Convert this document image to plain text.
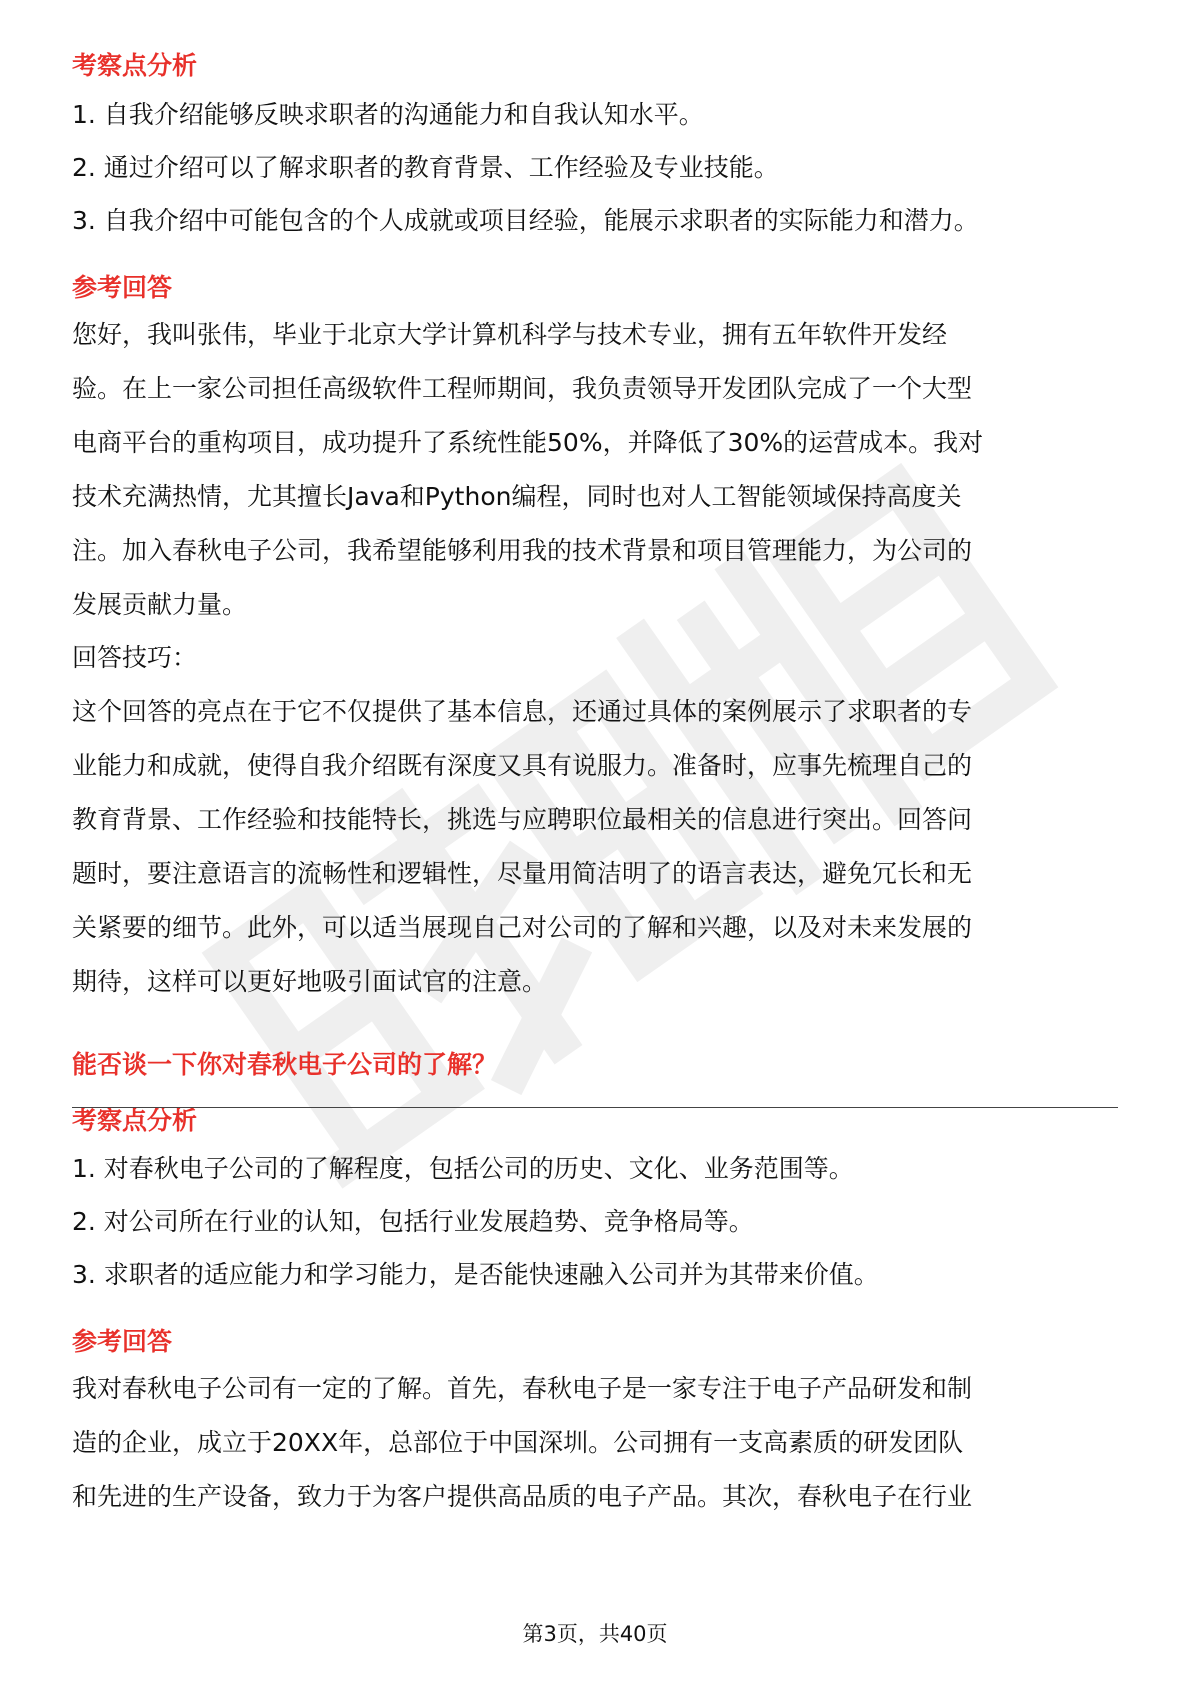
考察点分析
1. 自我介绍能够反映求职者的沟通能力和自我认知水平。
2. 通过介绍可以了解求职者的教育背景、工作经验及专业技能。
3. 自我介绍中可能包含的个人成就或项目经验，能展示求职者的实际能力和潜力。
参考回答
您好，我叫张伟，毕业于北京大学计算机科学与技术专业，拥有五年软件开发经
验。在上一家公司担任高级软件工程师期间，我负责领导开发团队完成了一个大型
电商平台的重构项目，成功提升了系统性能50%，并降低了30%的运营成本。我对
技术充满热情，尤其擅长Java和Python编程，同时也对人工智能领域保持高度关
注。加入春秋电子公司，我希望能够利用我的技术背景和项目管理能力，为公司的
发展贡献力量。
回答技巧：
这个回答的亮点在于它不仅提供了基本信息，还通过具体的案例展示了求职者的专
业能力和成就，使得自我介绍既有深度又具有说服力。准备时，应事先梳理自己的
教育背景、工作经验和技能特长，挑选与应聘职位最相关的信息进行突出。回答问
题时，要注意语言的流畅性和逻辑性，尽量用简洁明了的语言表达，避免冗长和无
关紧要的细节。此外，可以适当展现自己对公司的了解和兴趣，以及对未来发展的
期待，这样可以更好地吸引面试官的注意。
能否谈一下你对春秋电子公司的了解？
考察点分析
1. 对春秋电子公司的了解程度，包括公司的历史、文化、业务范围等。
2. 对公司所在行业的认知，包括行业发展趋势、竞争格局等。
3. 求职者的适应能力和学习能力，是否能快速融入公司并为其带来价值。
参考回答
我对春秋电子公司有一定的了解。首先，春秋电子是一家专注于电子产品研发和制
造的企业，成立于20XX年，总部位于中国深圳。公司拥有一支高素质的研发团队
和先进的生产设备，致力于为客户提供高品质的电子产品。其次，春秋电子在行业
第3页，共40页
